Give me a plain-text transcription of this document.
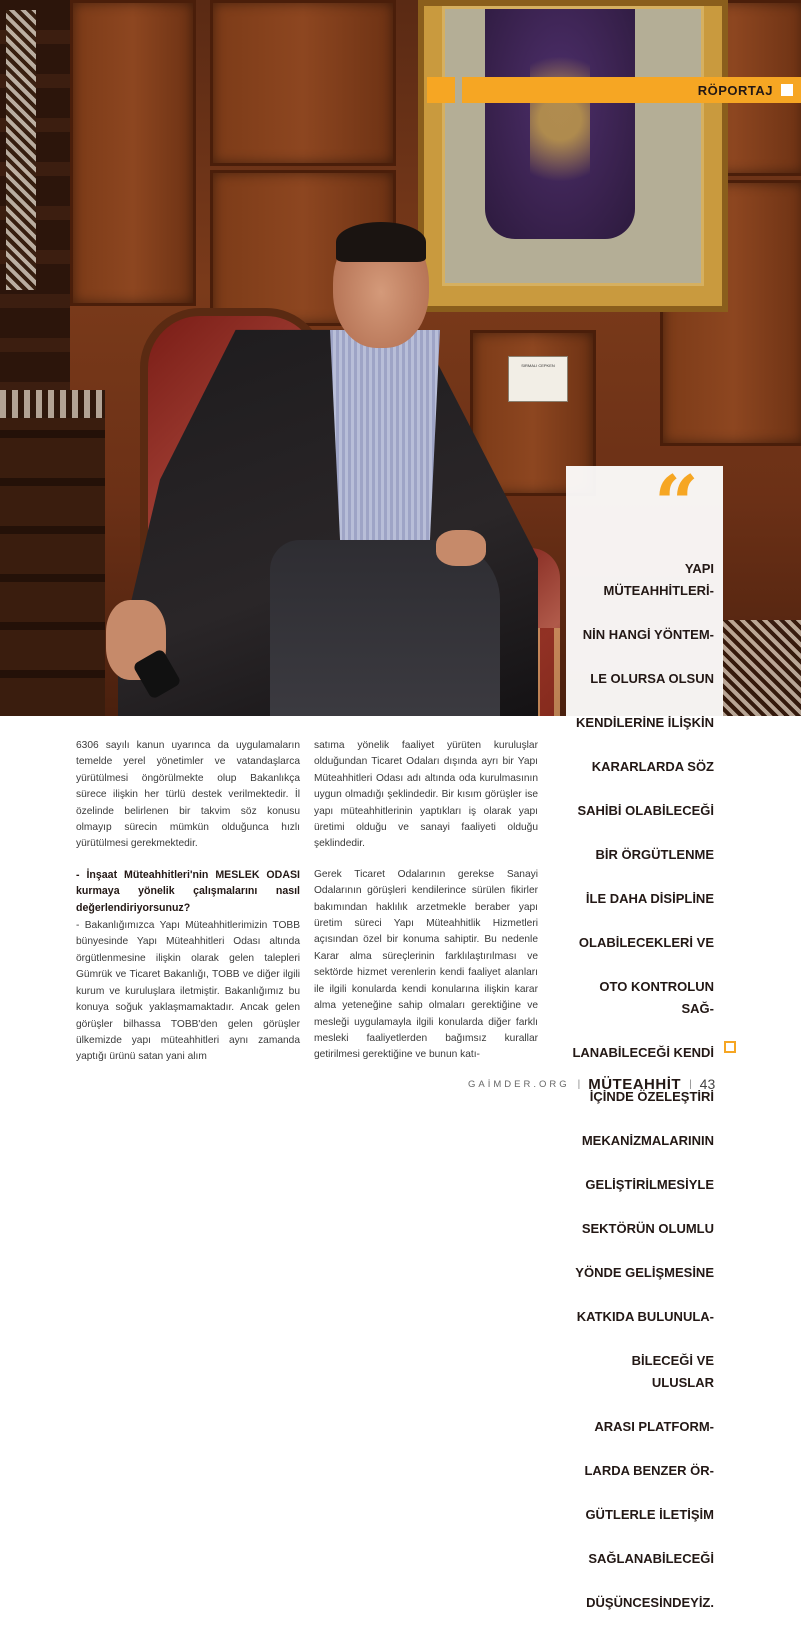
SIRMALI CEPKEN
RÖPORTAJ
“

YAPI MÜTEAHHİTLERİ-

NİN HANGİ YÖNTEM-

LE OLURSA OLSUN

KENDİLERİNE İLİŞKİN

KARARLARDA SÖZ

SAHİBİ OLABİLECEĞİ

BİR ÖRGÜTLENME

İLE DAHA DİSİPLİNE

OLABİLECEKLERİ VE

OTO KONTROLUN SAĞ-

LANABİLECEĞİ KENDİ

İÇİNDE ÖZELEŞTİRİ

MEKANİZMALARININ

GELİŞTİRİLMESİYLE

SEKTÖRÜN OLUMLU

YÖNDE GELİŞMESİNE

KATKIDA BULUNULA-

BİLECEĞİ VE ULUSLAR

ARASI PLATFORM-

LARDA BENZER ÖR-

GÜTLERLE İLETİŞİM

SAĞLANABİLECEĞİ

DÜŞÜNCESİNDEYİZ.

6306 sayılı kanun uyarınca da uygulamaların temelde yerel yönetimler ve vatandaşlarca yürütülmesi öngörülmekte olup Bakanlıkça sürece ilişkin her türlü destek verilmektedir. İl özelinde belirlenen bir takvim söz konusu olmayıp sürecin mümkün olduğunca hızlı yürütülmesi gerekmektedir.

- İnşaat Müteahhitleri'nin MESLEK ODASI kurmaya yönelik çalışmalarını nasıl değerlendiriyorsunuz?

- Bakanlığımızca Yapı Müteahhitlerimizin TOBB bünyesinde Yapı Müteahhitleri Odası altında örgütlenmesine ilişkin olarak gelen talepleri Gümrük ve Ticaret Bakanlığı, TOBB ve diğer ilgili kurum ve kuruluşlara iletmiştir. Bakanlığımız bu konuya soğuk yaklaşmamaktadır. Ancak gelen görüşler bilhassa TOBB'den gelen görüşler ülkemizde yapı müteahhitleri aynı zamanda yaptığı ürünü satan yani alım

satıma yönelik faaliyet yürüten kuruluşlar olduğundan Ticaret Odaları dışında ayrı bir Yapı Müteahhitleri Odası adı altında oda kurulmasının uygun olmadığı şeklindedir. Bir kısım görüşler ise yapı müteahhitlerinin yaptıkları iş olarak yapı üretimi olduğu ve sanayi faaliyeti olduğu şeklindedir.

Gerek Ticaret Odalarının gerekse Sanayi Odalarının görüşleri kendilerince sürülen fikirler bakımından haklılık arzetmekle beraber yapı üretim süreci Yapı Müteahhitlik Hizmetleri açısından özel bir konuma sahiptir. Bu nedenle Karar alma süreçlerinin farklılaştırılması ve sektörde hizmet verenlerin kendi faaliyet alanları ile ilgili konularda kendi konularına ilişkin karar alma yeteneğine sahip olmaları gerektiğine ve mesleği uygulamayla ilgili konularda diğer farklı mesleki faaliyetlerden bağımsız kurallar getirilmesi gerektiğine ve bunun katı-

GAİMDER.ORG | MÜTEAHHİT | 43
